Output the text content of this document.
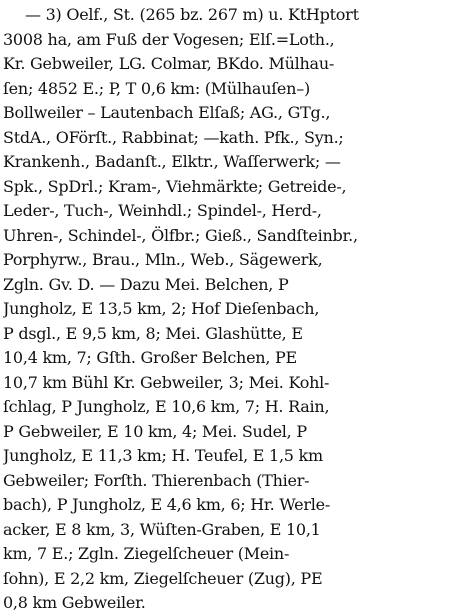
— 3) Oelf., St. (265 bz. 267 m) u. KtHptort
3008 ha, am Fuß der Vogesen; Elſ.=Loth.,
Kr. Gebweiler, LG. Colmar, BKdo. Mülhau-
ſen; 4852 E.; P, T 0,6 km: (Mülhauſen–)
Bollweiler – Lautenbach Elſaß; AG., GTg.,
StdA., OFörſt., Rabbinat; —kath. Pfk., Syn.;
Krankenh., Badanſt., Elktr., Waſſerwerk; —
Spk., SpDrl.; Kram-, Viehmärkte; Getreide-,
Leder-, Tuch-, Weinhdl.; Spindel-, Herd-,
Uhren-, Schindel-, Ölfbr.; Gieß., Sandſteinbr.,
Porphyrw., Brau., Mln., Web., Sägewerk,
Zgln. Gv. D. — Dazu Mei. Belchen, P
Jungholz, E 13,5 km, 2; Hof Dieſenbach,
P dsgl., E 9,5 km, 8; Mei. Glashütte, E
10,4 km, 7; Gſth. Großer Belchen, PE
10,7 km Bühl Kr. Gebweiler, 3; Mei. Kohl-
ſchlag, P Jungholz, E 10,6 km, 7; H. Rain,
P Gebweiler, E 10 km, 4; Mei. Sudel, P
Jungholz, E 11,3 km; H. Teufel, E 1,5 km
Gebweiler; Forſth. Thierenbach (Thier-
bach), P Jungholz, E 4,6 km, 6; Hr. Werle-
acker, E 8 km, 3, Wüſten-Graben, E 10,1
km, 7 E.; Zgln. Ziegelſcheuer (Mein-
ſohn), E 2,2 km, Ziegelſcheuer (Zug), PE
0,8 km Gebweiler.
